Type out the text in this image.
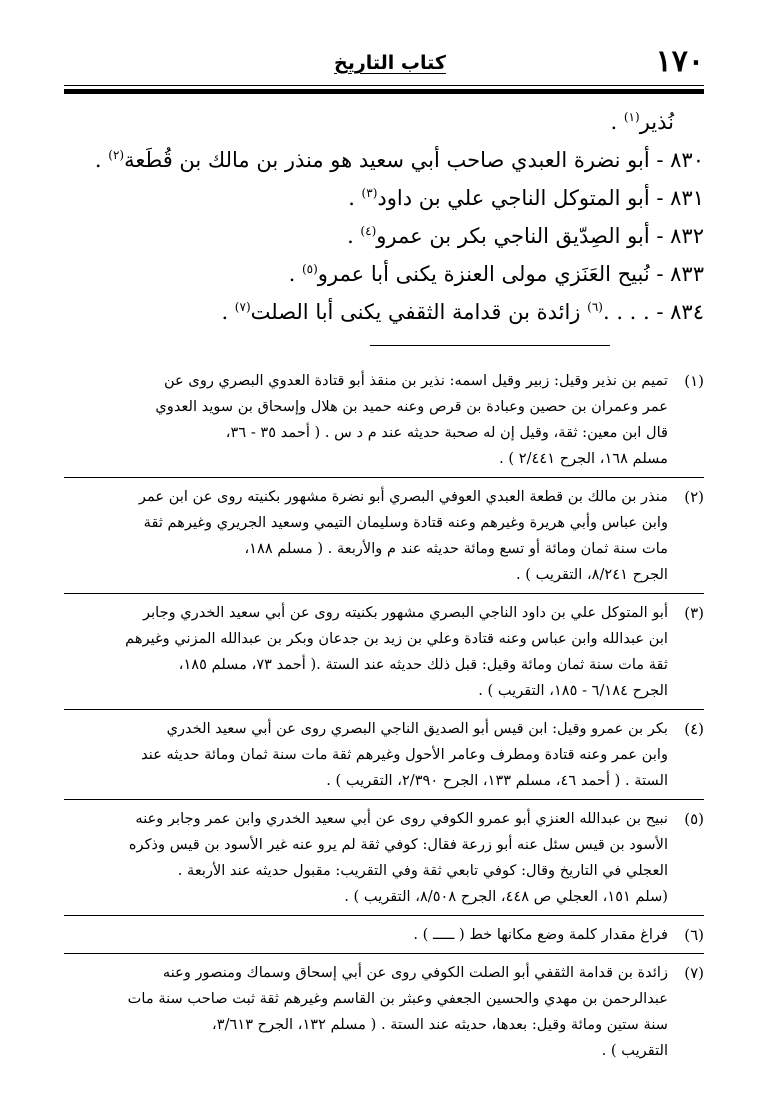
١٧٠
كتاب التاريخ
نُذير$^{(١)}$ .
٨٣٠ - أبو نضرة العبدي صاحب أبي سعيد هو منذر بن مالك بن قُطَعة$^{(٢)}$ .
٨٣١ - أبو المتوكل الناجي علي بن داود$^{(٣)}$ .
٨٣٢ - أبو الصِدّيق الناجي بكر بن عمرو$^{(٤)}$ .
٨٣٣ - نُبيح العَنَزي مولى العنزة يكنى أبا عمرو$^{(٥)}$ .
٨٣٤ - . . . .$^{(٦)}$ زائدة بن قدامة الثقفي يكنى أبا الصلت$^{(٧)}$ .
(١)
تميم بن نذير وقيل: زبير وقيل اسمه: نذير بن منقذ أبو قتادة العدوي البصري روى عن
عمر وعمران بن حصين وعبادة بن قرص وعنه حميد بن هلال وإسحاق بن سويد العدوي
قال ابن معين: ثقة، وقيل إن له صحبة حديثه عند م د س . ( أحمد ٣٥ - ٣٦،
مسلم ١٦٨، الجرح ٢/٤٤١ ) .
(٢)
منذر بن مالك بن قطعة العبدي العوفي البصري أبو نضرة مشهور بكنيته روى عن ابن عمر
وابن عباس وأبي هريرة وغيرهم وعنه قتادة وسليمان التيمي وسعيد الجريري وغيرهم ثقة
مات سنة ثمان ومائة أو تسع ومائة حديثه عند م والأربعة . ( مسلم ١٨٨،
الجرح ٨/٢٤١، التقريب ) .
(٣)
أبو المتوكل علي بن داود الناجي البصري مشهور بكنيته روى عن أبي سعيد الخدري وجابر
ابن عبدالله وابن عباس وعنه قتادة وعلي بن زيد بن جدعان وبكر بن عبدالله المزني وغيرهم
ثقة مات سنة ثمان ومائة وقيل: قبل ذلك حديثه عند الستة .( أحمد ٧٣، مسلم ١٨٥،
الجرح ٦/١٨٤ - ١٨٥، التقريب ) .
(٤)
بكر بن عمرو وقيل: ابن قيس أبو الصديق الناجي البصري روى عن أبي سعيد الخدري
وابن عمر وعنه قتادة ومطرف وعامر الأحول وغيرهم ثقة مات سنة ثمان ومائة حديثه عند
الستة . ( أحمد ٤٦، مسلم ١٣٣، الجرح ٢/٣٩٠، التقريب ) .
(٥)
نبيح بن عبدالله العنزي أبو عمرو الكوفي روى عن أبي سعيد الخدري وابن عمر وجابر وعنه
الأسود بن قيس سئل عنه أبو زرعة فقال: كوفي ثقة لم يرو عنه غير الأسود بن قيس وذكره
العجلي في التاريخ وقال: كوفي تابعي ثقة وفي التقريب: مقبول حديثه عند الأربعة .
(سلم ١٥١، العجلي ص ٤٤٨، الجرح ٨/٥٠٨، التقريب ) .
(٦)
فراغ مقدار كلمة وضع مكانها خط ( ـــــ ) .
(٧)
زائدة بن قدامة الثقفي أبو الصلت الكوفي روى عن أبي إسحاق وسماك ومنصور وعنه
عبدالرحمن بن مهدي والحسين الجعفي وعبثر بن القاسم وغيرهم ثقة ثبت صاحب سنة مات
سنة ستين ومائة وقيل: بعدها، حديثه عند الستة . ( مسلم ١٣٢، الجرح ٣/٦١٣،
التقريب ) .
